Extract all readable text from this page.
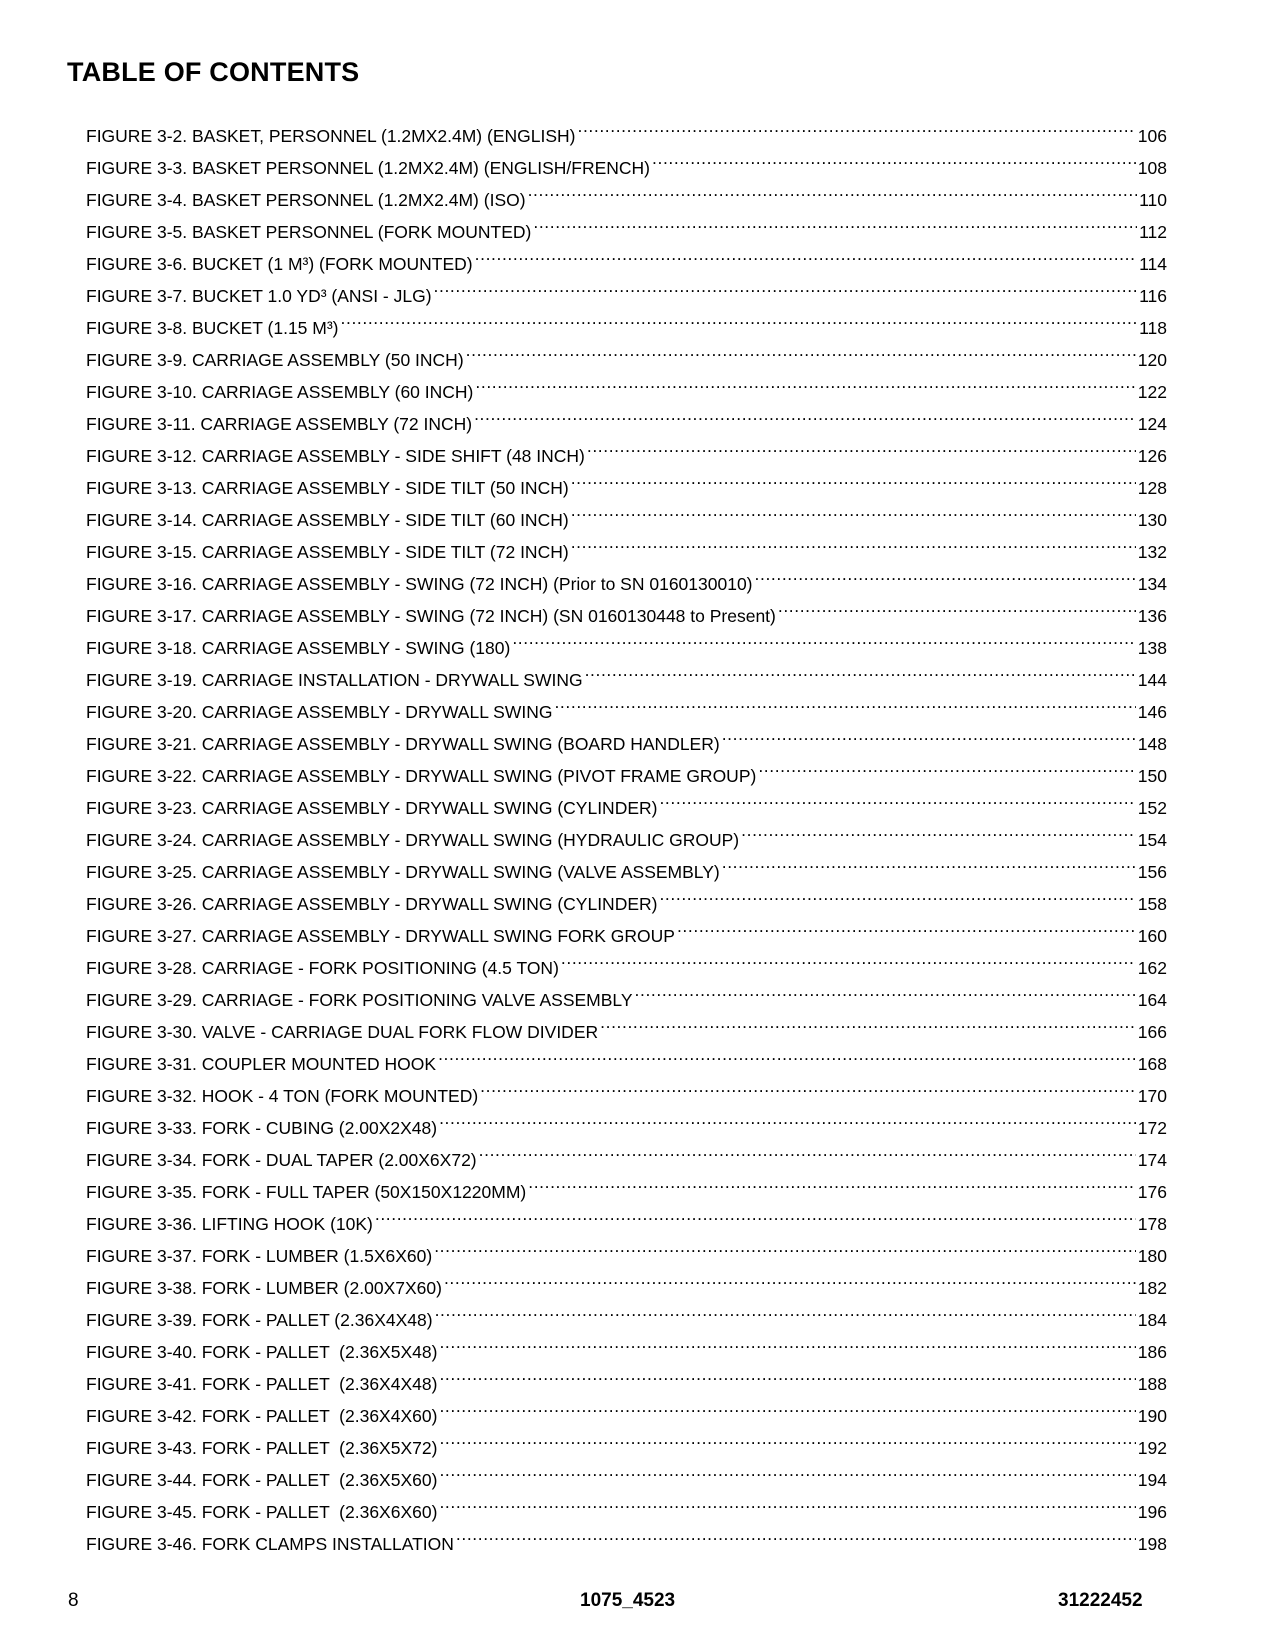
TABLE OF CONTENTS
FIGURE 3-2. BASKET, PERSONNEL (1.2MX2.4M) (ENGLISH) .....	106
FIGURE 3-3. BASKET PERSONNEL (1.2MX2.4M) (ENGLISH/FRENCH) .....	108
FIGURE 3-4. BASKET PERSONNEL (1.2MX2.4M) (ISO) .....	110
FIGURE 3-5. BASKET PERSONNEL (FORK MOUNTED) .....	112
FIGURE 3-6. BUCKET (1 M³) (FORK MOUNTED) .....	114
FIGURE 3-7. BUCKET 1.0 YD³ (ANSI - JLG) .....	116
FIGURE 3-8. BUCKET (1.15 M³) .....	118
FIGURE 3-9. CARRIAGE ASSEMBLY (50 INCH) .....	120
FIGURE 3-10. CARRIAGE ASSEMBLY (60 INCH) .....	122
FIGURE 3-11. CARRIAGE ASSEMBLY (72 INCH) .....	124
FIGURE 3-12. CARRIAGE ASSEMBLY - SIDE SHIFT (48 INCH) .....	126
FIGURE 3-13. CARRIAGE ASSEMBLY - SIDE TILT (50 INCH) .....	128
FIGURE 3-14. CARRIAGE ASSEMBLY - SIDE TILT (60 INCH) .....	130
FIGURE 3-15. CARRIAGE ASSEMBLY - SIDE TILT (72 INCH) .....	132
FIGURE 3-16. CARRIAGE ASSEMBLY - SWING (72 INCH) (Prior to SN 0160130010) .....	134
FIGURE 3-17. CARRIAGE ASSEMBLY - SWING (72 INCH) (SN 0160130448 to Present) .....	136
FIGURE 3-18. CARRIAGE ASSEMBLY - SWING (180) .....	138
FIGURE 3-19. CARRIAGE INSTALLATION - DRYWALL SWING .....	144
FIGURE 3-20. CARRIAGE ASSEMBLY - DRYWALL SWING .....	146
FIGURE 3-21. CARRIAGE ASSEMBLY - DRYWALL SWING (BOARD HANDLER) .....	148
FIGURE 3-22. CARRIAGE ASSEMBLY - DRYWALL SWING (PIVOT FRAME GROUP) .....	150
FIGURE 3-23. CARRIAGE ASSEMBLY - DRYWALL SWING (CYLINDER) .....	152
FIGURE 3-24. CARRIAGE ASSEMBLY - DRYWALL SWING (HYDRAULIC GROUP) .....	154
FIGURE 3-25. CARRIAGE ASSEMBLY - DRYWALL SWING (VALVE ASSEMBLY) .....	156
FIGURE 3-26. CARRIAGE ASSEMBLY - DRYWALL SWING (CYLINDER) .....	158
FIGURE 3-27. CARRIAGE ASSEMBLY - DRYWALL SWING FORK GROUP .....	160
FIGURE 3-28. CARRIAGE - FORK POSITIONING (4.5 TON) .....	162
FIGURE 3-29. CARRIAGE - FORK POSITIONING VALVE ASSEMBLY .....	164
FIGURE 3-30. VALVE - CARRIAGE DUAL FORK FLOW DIVIDER .....	166
FIGURE 3-31. COUPLER MOUNTED HOOK .....	168
FIGURE 3-32. HOOK - 4 TON (FORK MOUNTED) .....	170
FIGURE 3-33. FORK - CUBING (2.00X2X48) .....	172
FIGURE 3-34. FORK - DUAL TAPER (2.00X6X72) .....	174
FIGURE 3-35. FORK - FULL TAPER (50X150X1220MM) .....	176
FIGURE 3-36. LIFTING HOOK (10K) .....	178
FIGURE 3-37. FORK - LUMBER (1.5X6X60) .....	180
FIGURE 3-38. FORK - LUMBER (2.00X7X60) .....	182
FIGURE 3-39. FORK - PALLET (2.36X4X48) .....	184
FIGURE 3-40. FORK - PALLET  (2.36X5X48) .....	186
FIGURE 3-41. FORK - PALLET  (2.36X4X48) .....	188
FIGURE 3-42. FORK - PALLET  (2.36X4X60) .....	190
FIGURE 3-43. FORK - PALLET  (2.36X5X72) .....	192
FIGURE 3-44. FORK - PALLET  (2.36X5X60) .....	194
FIGURE 3-45. FORK - PALLET  (2.36X6X60) .....	196
FIGURE 3-46. FORK CLAMPS INSTALLATION .....	198
8	1075_4523	31222452
